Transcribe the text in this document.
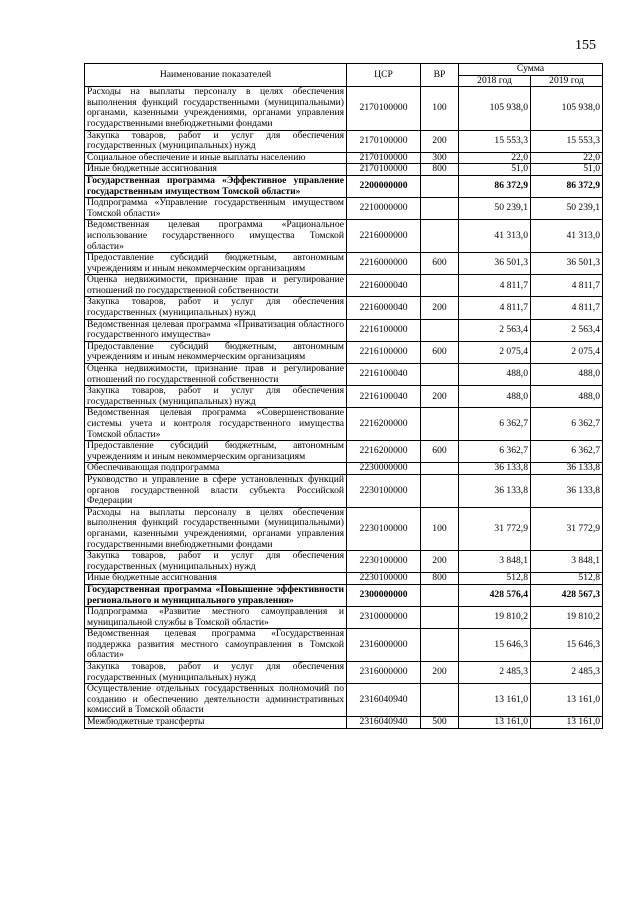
155
Наименование показателей	ЦСР	ВР	Сумма	
			2018 год	2019 год
Расходы на выплаты персоналу в целях обеспечения выполнения функций государственными (муниципальными) органами, казенными учреждениями, органами управления государственными внебюджетными фондами	2170100000	100	105 938,0	105 938,0
Закупка товаров, работ и услуг для обеспечения государственных (муниципальных) нужд	2170100000	200	15 553,3	15 553,3
Социальное обеспечение и иные выплаты населению	2170100000	300	22,0	22,0
Иные бюджетные ассигнования	2170100000	800	51,0	51,0
Государственная программа «Эффективное управление государственным имуществом Томской области»	2200000000		86 372,9	86 372,9
Подпрограмма «Управление государственным имуществом Томской области»	2210000000		50 239,1	50 239,1
Ведомственная целевая программа «Рациональное использование государственного имущества Томской области»	2216000000		41 313,0	41 313,0
Предоставление субсидий бюджетным, автономным учреждениям и иным некоммерческим организациям	2216000000	600	36 501,3	36 501,3
Оценка недвижимости, признание прав и регулирование отношений по государственной собственности	2216000040		4 811,7	4 811,7
Закупка товаров, работ и услуг для обеспечения государственных (муниципальных) нужд	2216000040	200	4 811,7	4 811,7
Ведомственная целевая программа «Приватизация областного государственного имущества»	2216100000		2 563,4	2 563,4
Предоставление субсидий бюджетным, автономным учреждениям и иным некоммерческим организациям	2216100000	600	2 075,4	2 075,4
Оценка недвижимости, признание прав и регулирование отношений по государственной собственности	2216100040		488,0	488,0
Закупка товаров, работ и услуг для обеспечения государственных (муниципальных) нужд	2216100040	200	488,0	488,0
Ведомственная целевая программа «Совершенствование системы учета и контроля государственного имущества Томской области»	2216200000		6 362,7	6 362,7
Предоставление субсидий бюджетным, автономным учреждениям и иным некоммерческим организациям	2216200000	600	6 362,7	6 362,7
Обеспечивающая подпрограмма	2230000000		36 133,8	36 133,8
Руководство и управление в сфере установленных функций органов государственной власти субъекта Российской Федерации	2230100000		36 133,8	36 133,8
Расходы на выплаты персоналу в целях обеспечения выполнения функций государственными (муниципальными) органами, казенными учреждениями, органами управления государственными внебюджетными фондами	2230100000	100	31 772,9	31 772,9
Закупка товаров, работ и услуг для обеспечения государственных (муниципальных) нужд	2230100000	200	3 848,1	3 848,1
Иные бюджетные ассигнования	2230100000	800	512,8	512,8
Государственная программа «Повышение эффективности регионального и муниципального управления»	2300000000		428 576,4	428 567,3
Подпрограмма «Развитие местного самоуправления и муниципальной службы в Томской области»	2310000000		19 810,2	19 810,2
Ведомственная целевая программа «Государственная поддержка развития местного самоуправления в Томской области»	2316000000		15 646,3	15 646,3
Закупка товаров, работ и услуг для обеспечения государственных (муниципальных) нужд	2316000000	200	2 485,3	2 485,3
Осуществление отдельных государственных полномочий по созданию и обеспечению деятельности административных комиссий в Томской области	2316040940		13 161,0	13 161,0
Межбюджетные трансферты	2316040940	500	13 161,0	13 161,0
